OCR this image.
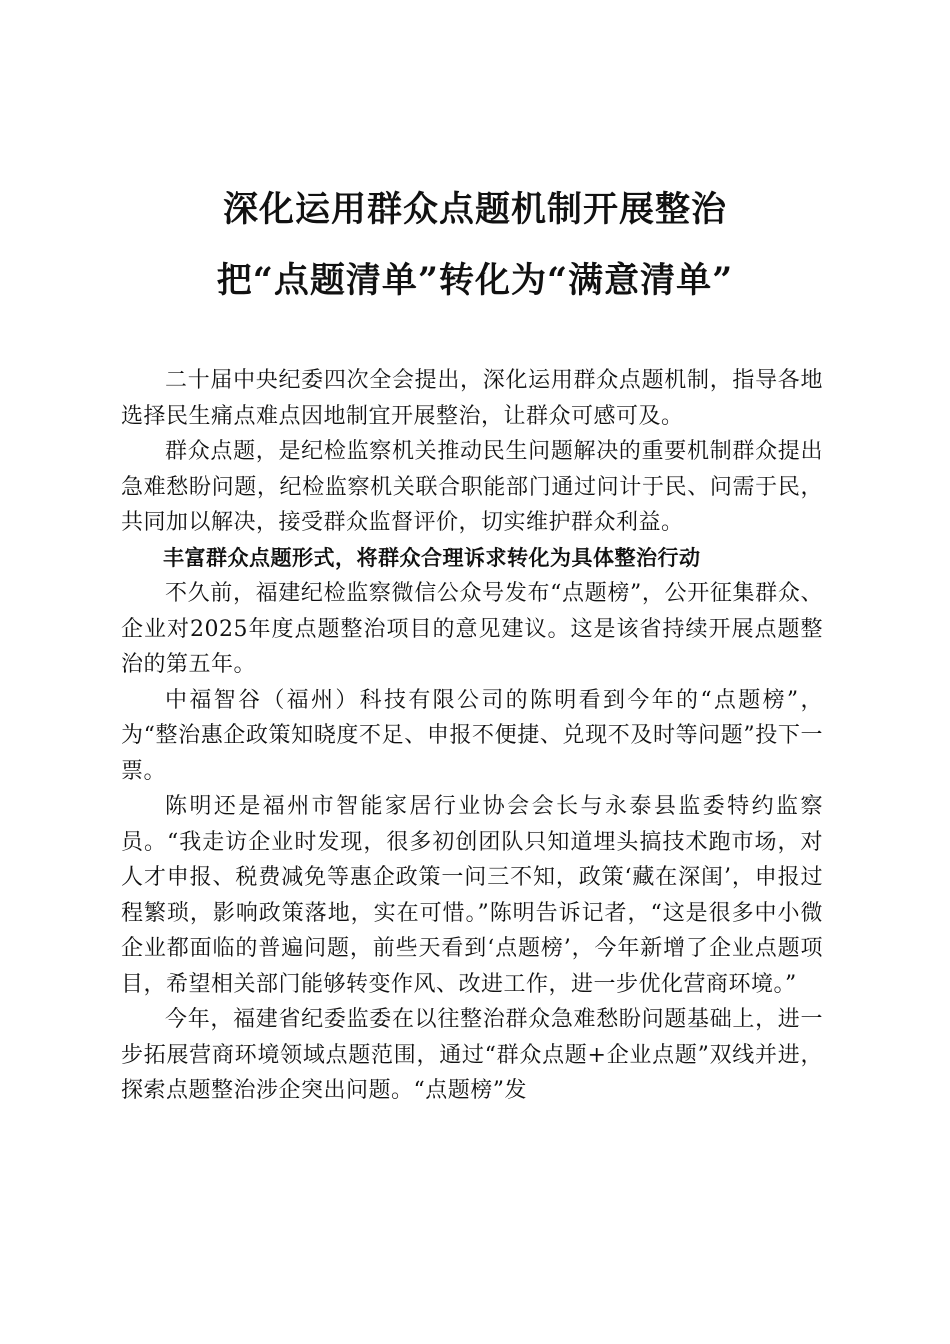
深化运用群众点题机制开展整治

把“点题清单”转化为“满意清单”

二十届中央纪委四次全会提出，深化运用群众点题机制，指导各地选择民生痛点难点因地制宜开展整治，让群众可感可及。

群众点题，是纪检监察机关推动民生问题解决的重要机制群众提出急难愁盼问题，纪检监察机关联合职能部门通过问计于民、问需于民，共同加以解决，接受群众监督评价，切实维护群众利益。

丰富群众点题形式，将群众合理诉求转化为具体整治行动

不久前，福建纪检监察微信公众号发布“点题榜”，公开征集群众、企业对2025年度点题整治项目的意见建议。这是该省持续开展点题整治的第五年。

中福智谷（福州）科技有限公司的陈明看到今年的“点题榜”，为“整治惠企政策知晓度不足、申报不便捷、兑现不及时等问题”投下一票。

陈明还是福州市智能家居行业协会会长与永泰县监委特约监察员。“我走访企业时发现，很多初创团队只知道埋头搞技术跑市场，对人才申报、税费减免等惠企政策一问三不知，政策‘藏在深闺’，申报过程繁琐，影响政策落地，实在可惜。”陈明告诉记者，“这是很多中小微企业都面临的普遍问题，前些天看到‘点题榜’，今年新增了企业点题项目，希望相关部门能够转变作风、改进工作，进一步优化营商环境。”

今年，福建省纪委监委在以往整治群众急难愁盼问题基础上，进一步拓展营商环境领域点题范围，通过“群众点题+企业点题”双线并进，探索点题整治涉企突出问题。“点题榜”发
